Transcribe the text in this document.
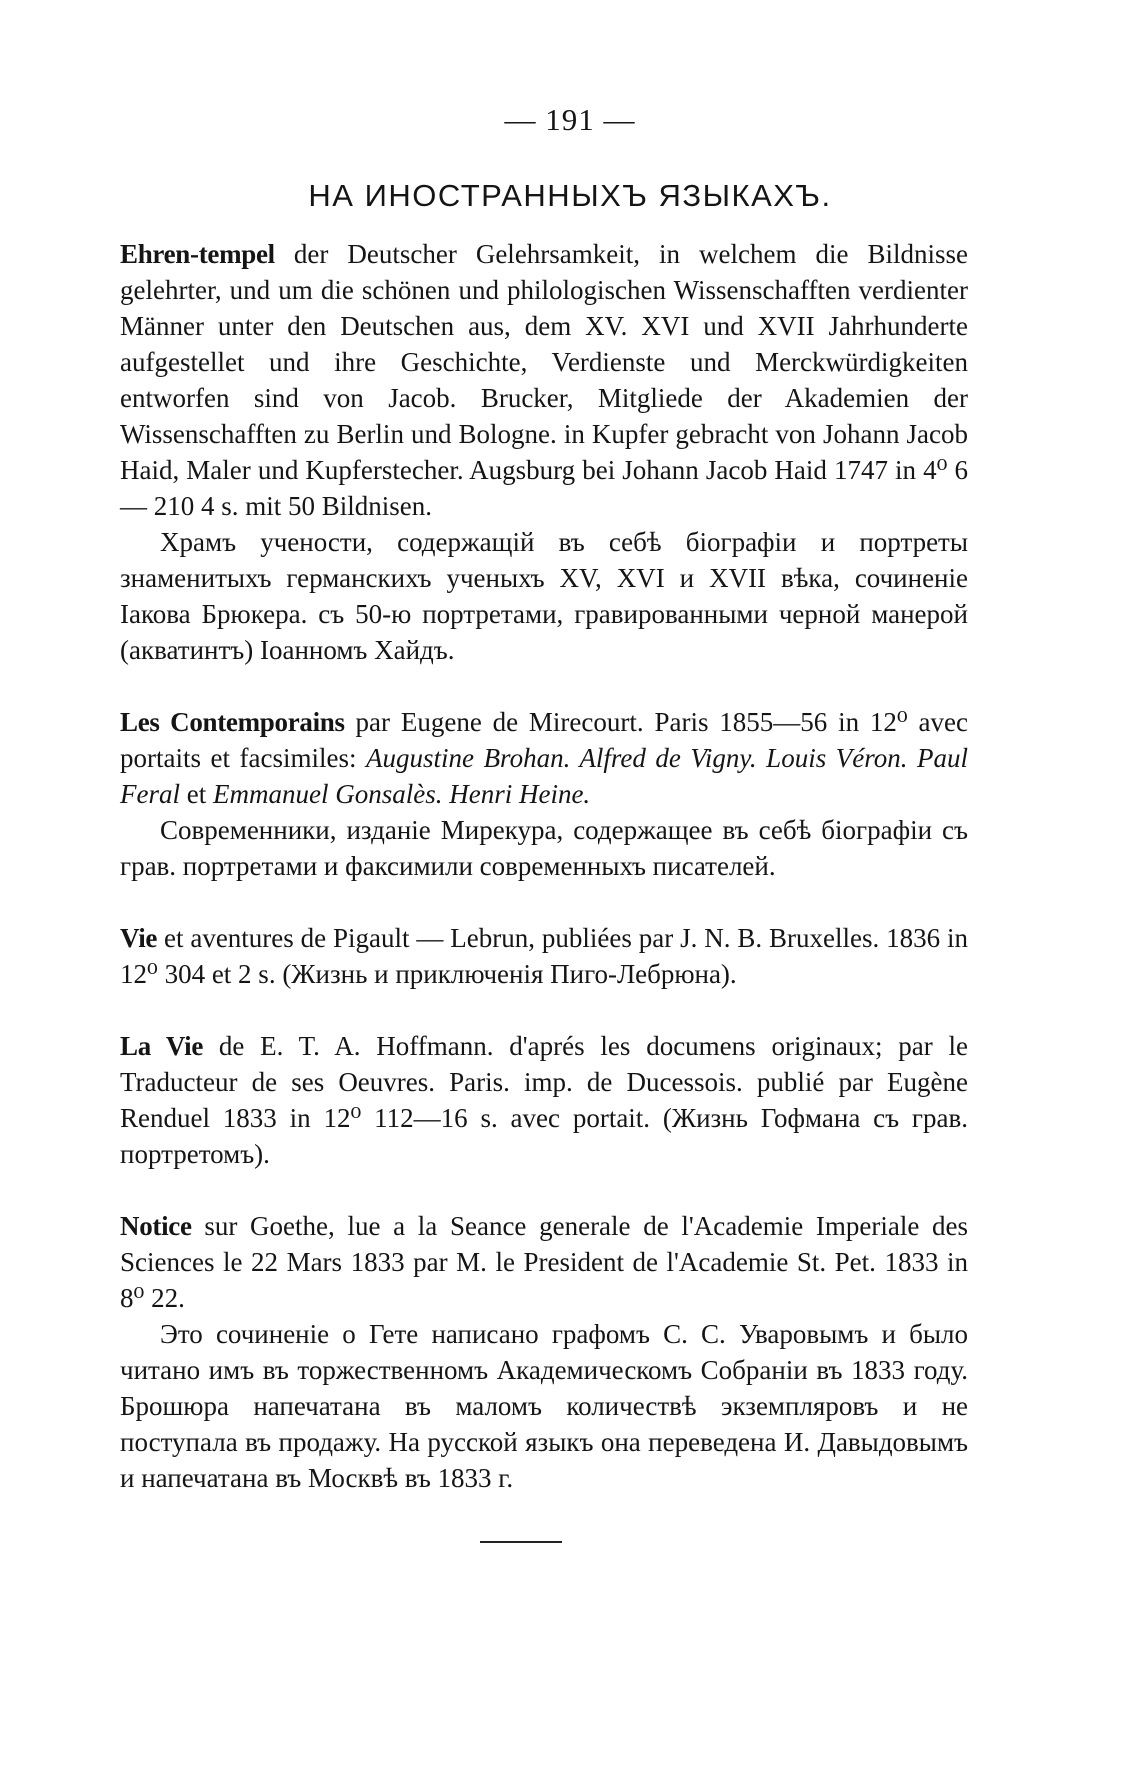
— 191 —
НА ИНОСТРАННЫХЪ ЯЗЫКАХЪ.

Ehren-tempel der Deutscher Gelehrsamkeit, in welchem die Bildnisse gelehrter, und um die schönen und philologischen Wissenschafften verdienter Männer unter den Deutschen aus, dem XV. XVI und XVII Jahrhunderte aufgestellet und ihre Geschichte, Verdienste und Merckwürdigkeiten entworfen sind von Jacob. Brucker, Mitgliede der Akademien der Wissenschafften zu Berlin und Bologne. in Kupfer gebracht von Johann Jacob Haid, Maler und Kupferstecher. Augsburg bei Johann Jacob Haid 1747 in 4⁰ 6 — 210 4 s. mit 50 Bildnisen.

Храмъ учености, содержащій въ себѣ біографіи и портреты знаменитыхъ германскихъ ученыхъ XV, XVI и XVII вѣка, сочиненіе Іакова Брюкера. съ 50-ю портретами, гравированными черной манерой (акватинтъ) Іоанномъ Хайдъ.

Les Contemporains par Eugene de Mirecourt. Paris 1855—56 in 12⁰ avec portaits et facsimiles: Augustine Brohan. Alfred de Vigny. Louis Véron. Paul Feral et Emmanuel Gonsalès. Henri Heine.

Современники, изданіе Мирекура, содержащее въ себѣ біографіи съ грав. портретами и факсимили современныхъ писателей.

Vie et aventures de Pigault — Lebrun, publiées par J. N. B. Bruxelles. 1836 in 12⁰ 304 et 2 s. (Жизнь и приключенія Пиго-Лебрюна).

La Vie de E. T. A. Hoffmann. d'aprés les documens originaux; par le Traducteur de ses Oeuvres. Paris. imp. de Ducessois. publié par Eugène Renduel 1833 in 12⁰ 112—16 s. avec portait. (Жизнь Гофмана съ грав. портретомъ).

Notice sur Goethe, lue a la Seance generale de l'Academie Imperiale des Sciences le 22 Mars 1833 par M. le President de l'Academie St. Pet. 1833 in 8⁰ 22.

Это сочиненіе о Гете написано графомъ С. С. Уваровымъ и было читано имъ въ торжественномъ Академическомъ Собраніи въ 1833 году. Брошюра напечатана въ маломъ количествѣ экземпляровъ и не поступала въ продажу. На русской языкъ она переведена И. Давыдовымъ и напечатана въ Москвѣ въ 1833 г.
